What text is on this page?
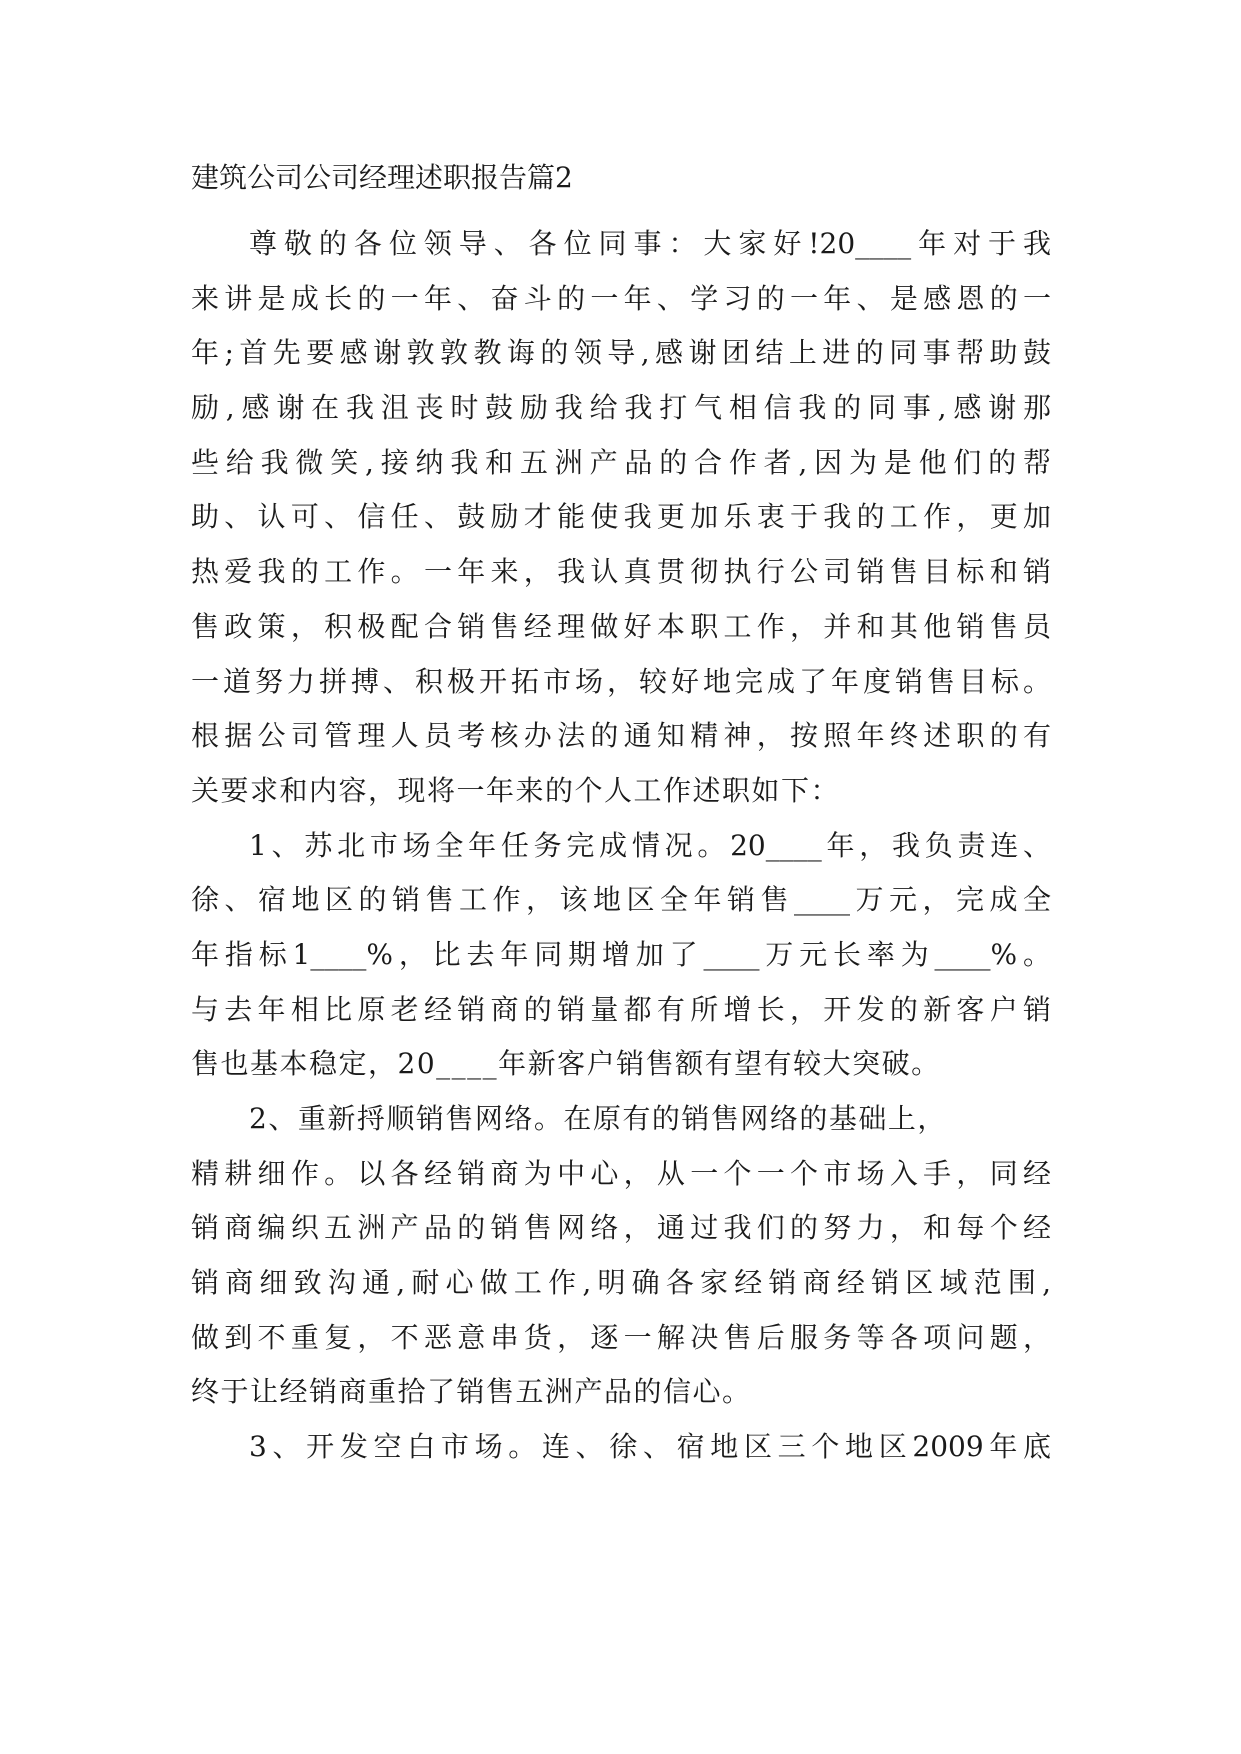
建筑公司公司经理述职报告篇2
尊敬的各位领导、各位同事：大家好!20____年对于我
来讲是成长的一年、奋斗的一年、学习的一年、是感恩的一
年;首先要感谢敦敦教诲的领导,感谢团结上进的同事帮助鼓
励,感谢在我沮丧时鼓励我给我打气相信我的同事,感谢那
些给我微笑,接纳我和五洲产品的合作者,因为是他们的帮
助、认可、信任、鼓励才能使我更加乐衷于我的工作，更加
热爱我的工作。一年来，我认真贯彻执行公司销售目标和销
售政策，积极配合销售经理做好本职工作，并和其他销售员
一道努力拼搏、积极开拓市场，较好地完成了年度销售目标。
根据公司管理人员考核办法的通知精神，按照年终述职的有
关要求和内容，现将一年来的个人工作述职如下：
1、苏北市场全年任务完成情况。20____年，我负责连、
徐、宿地区的销售工作，该地区全年销售____万元，完成全
年指标1____%，比去年同期增加了____万元长率为____%。
与去年相比原老经销商的销量都有所增长，开发的新客户销
售也基本稳定，20____年新客户销售额有望有较大突破。
2、重新捋顺销售网络。在原有的销售网络的基础上，
精耕细作。以各经销商为中心，从一个一个市场入手，同经
销商编织五洲产品的销售网络，通过我们的努力，和每个经
销商细致沟通,耐心做工作,明确各家经销商经销区域范围,
做到不重复，不恶意串货，逐一解决售后服务等各项问题，
终于让经销商重拾了销售五洲产品的信心。
3、开发空白市场。连、徐、宿地区三个地区2009年底
